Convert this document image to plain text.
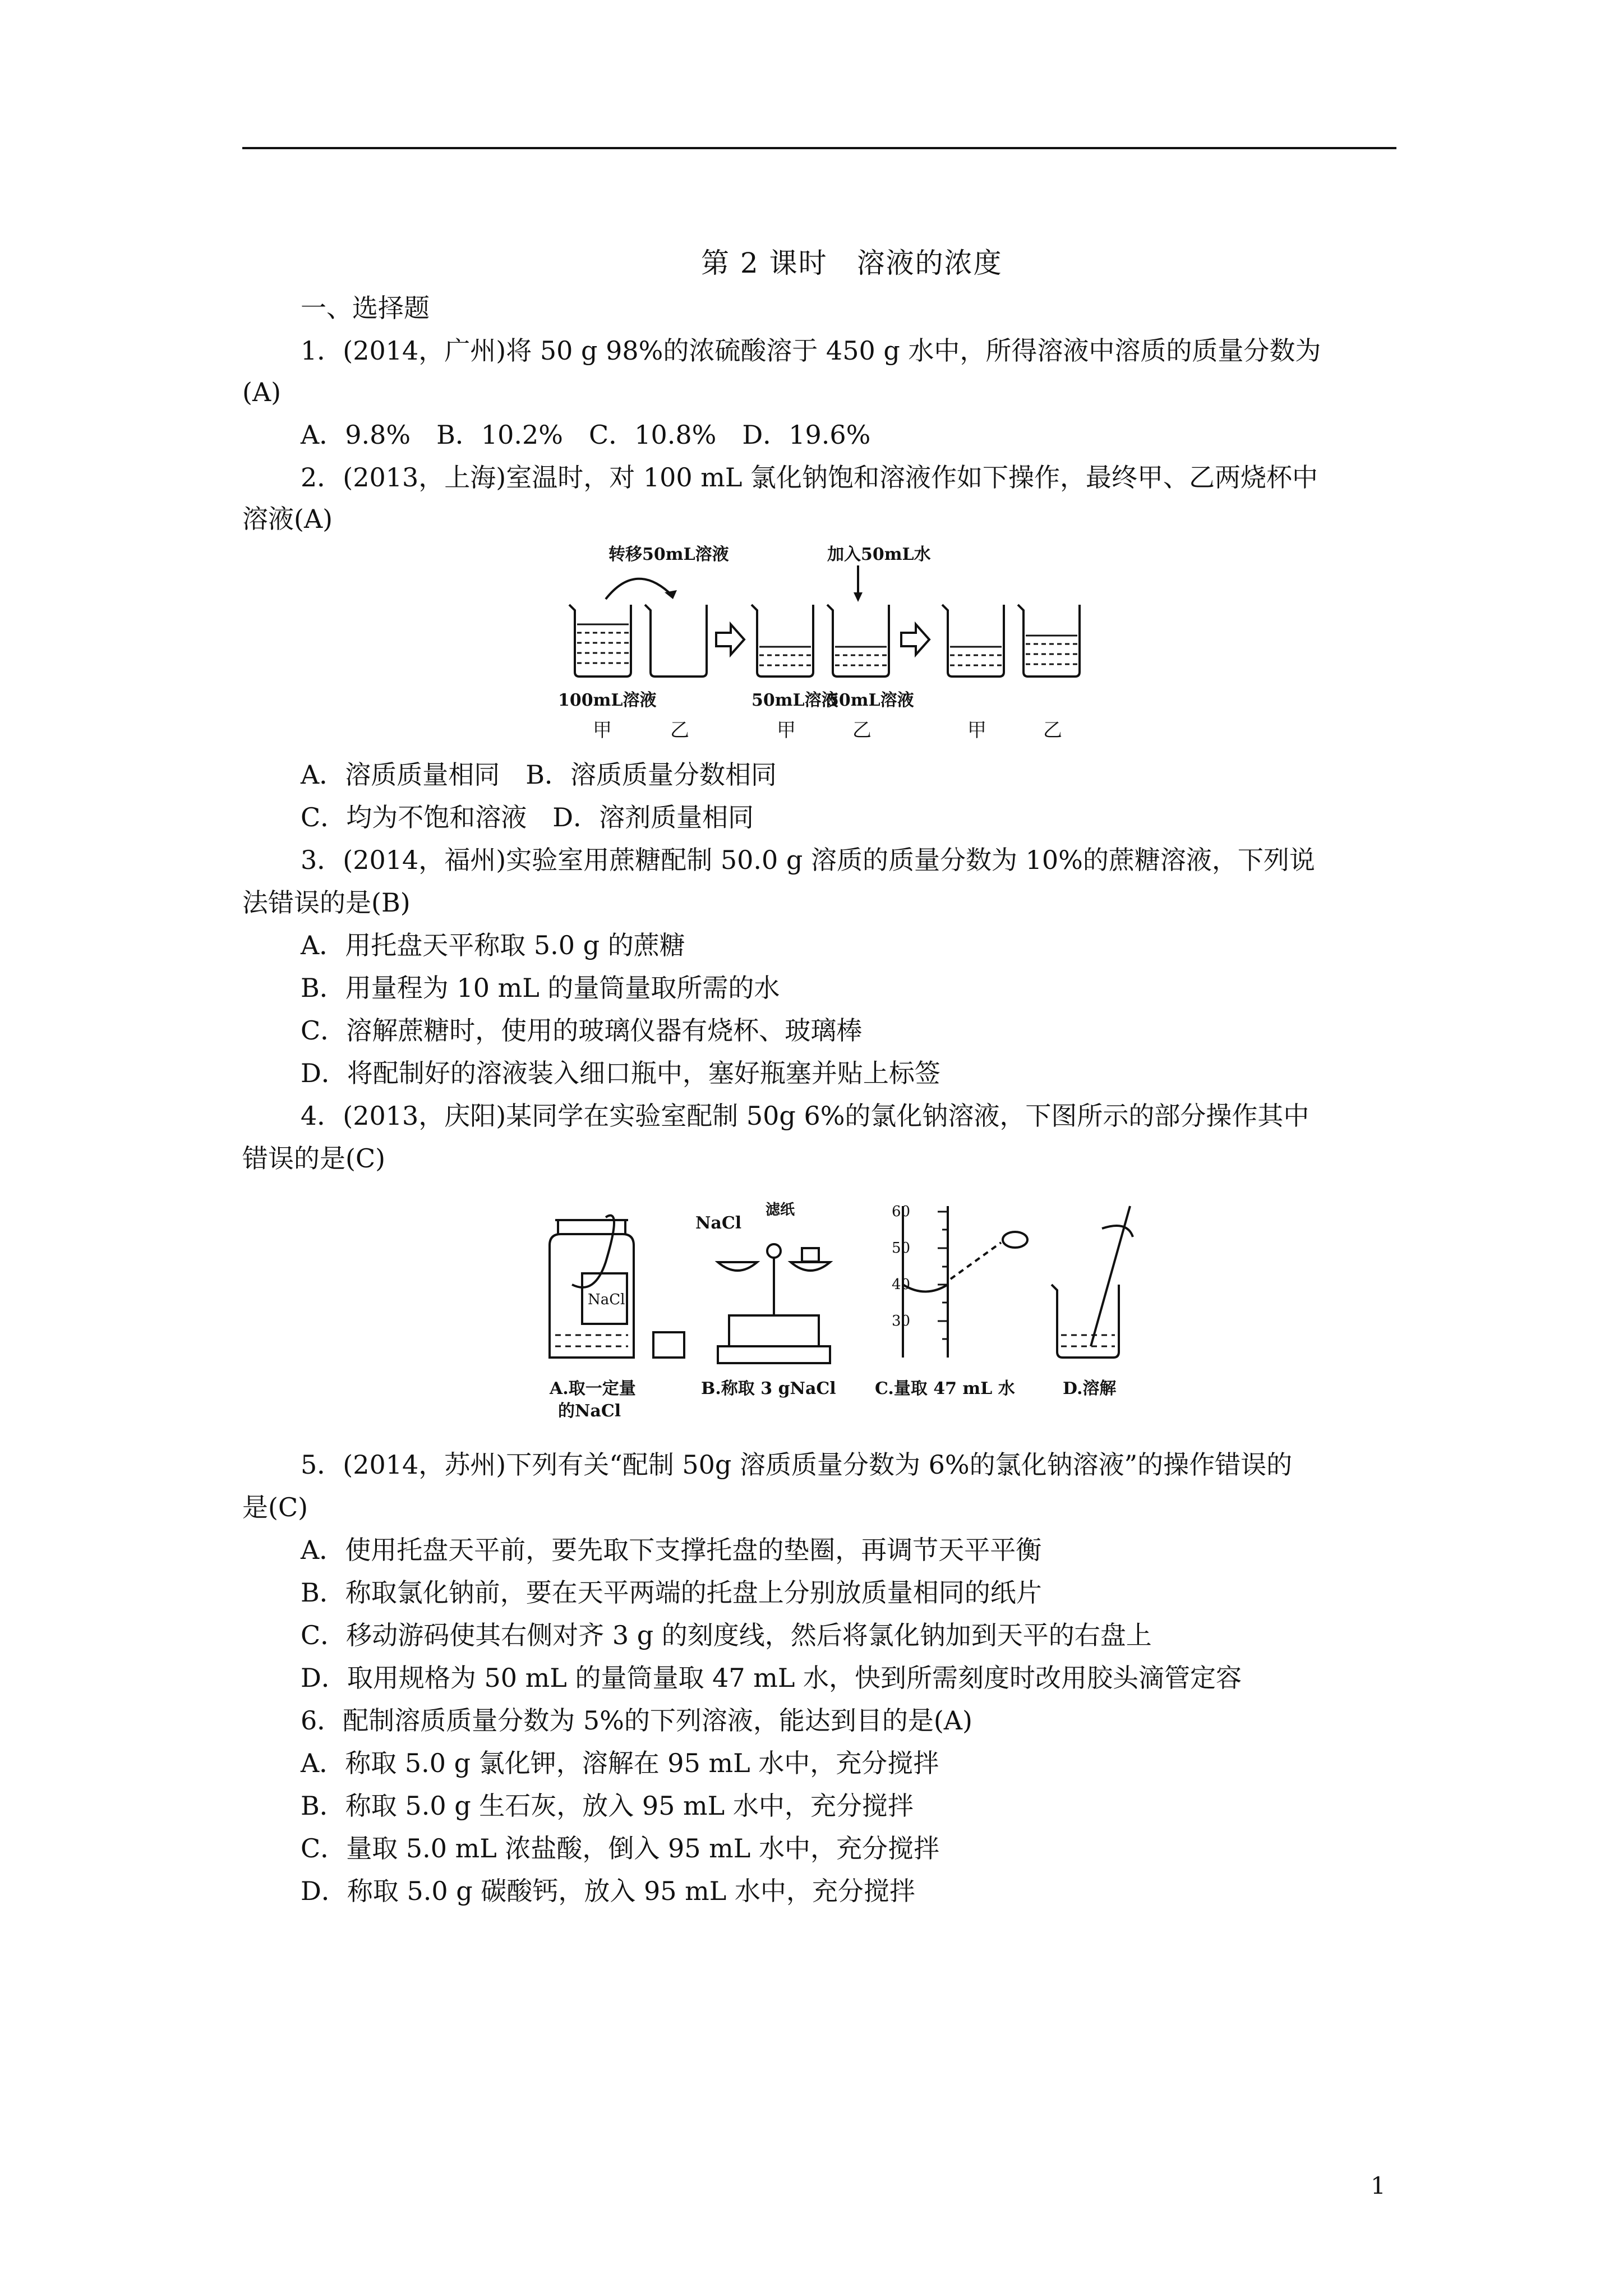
第 2 课时　溶液的浓度
一、选择题
1．(2014，广州)将 50 g 98%的浓硫酸溶于 450 g 水中，所得溶液中溶质的质量分数为
(A)
A．9.8%　B．10.2%　C．10.8%　D．19.6%
2．(2013，上海)室温时，对 100 mL 氯化钠饱和溶液作如下操作，最终甲、乙两烧杯中
溶液(A)
转移50mL溶液	加入50mL水
100mL溶液	50mL溶液
50mL溶液
甲	乙	甲	乙	甲	乙
A．溶质质量相同　B．溶质质量分数相同
C．均为不饱和溶液　D．溶剂质量相同
3．(2014，福州)实验室用蔗糖配制 50.0 g 溶质的质量分数为 10%的蔗糖溶液，下列说
法错误的是(B)
A．用托盘天平称取 5.0 g 的蔗糖
B．用量程为 10 mL 的量筒量取所需的水
C．溶解蔗糖时，使用的玻璃仪器有烧杯、玻璃棒
D．将配制好的溶液装入细口瓶中，塞好瓶塞并贴上标签
4．(2013，庆阳)某同学在实验室配制 50g 6%的氯化钠溶液，下图所示的部分操作其中
错误的是(C)
NaCl
60
50
40
30
NaCl
滤纸
A.取一定量
的NaCl
B.称取 3 gNaCl C.量取 47 mL 水	D.溶解
5．(2014，苏州)下列有关“配制 50g 溶质质量分数为 6%的氯化钠溶液”的操作错误的
是(C)
A．使用托盘天平前，要先取下支撑托盘的垫圈，再调节天平平衡
B．称取氯化钠前，要在天平两端的托盘上分别放质量相同的纸片
C．移动游码使其右侧对齐 3 g 的刻度线，然后将氯化钠加到天平的右盘上
D．取用规格为 50 mL 的量筒量取 47 mL 水，快到所需刻度时改用胶头滴管定容
6．配制溶质质量分数为 5%的下列溶液，能达到目的是(A)
A．称取 5.0 g 氯化钾，溶解在 95 mL 水中，充分搅拌
B．称取 5.0 g 生石灰，放入 95 mL 水中，充分搅拌
C．量取 5.0 mL 浓盐酸，倒入 95 mL 水中，充分搅拌
D．称取 5.0 g 碳酸钙，放入 95 mL 水中，充分搅拌
1
